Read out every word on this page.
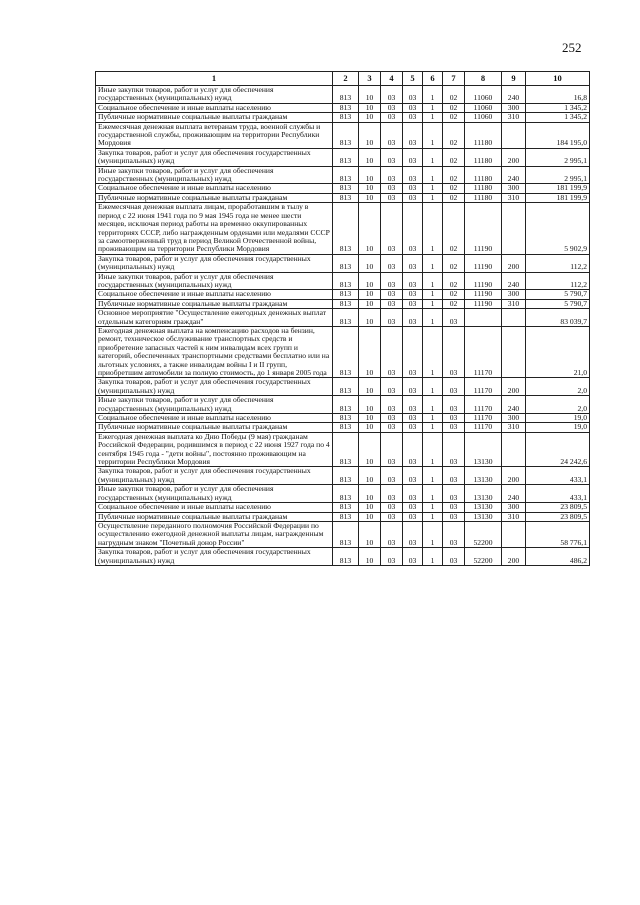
252
1	2	3	4	5	6	7	8	9	10
Иные закупки товаров, работ и услуг для обеспечения государственных (муниципальных) нужд	813	10	03	03	1	02	11060	240	16,8
Социальное обеспечение и иные выплаты населению	813	10	03	03	1	02	11060	300	1 345,2
Публичные нормативные социальные выплаты гражданам	813	10	03	03	1	02	11060	310	1 345,2
Ежемесячная денежная выплата ветеранам труда, военной службы и государственной службы, проживающим на территории Республики Мордовия	813	10	03	03	1	02	11180		184 195,0
Закупка товаров, работ и услуг для обеспечения государственных (муниципальных) нужд	813	10	03	03	1	02	11180	200	2 995,1
Иные закупки товаров, работ и услуг для обеспечения государственных (муниципальных) нужд	813	10	03	03	1	02	11180	240	2 995,1
Социальное обеспечение и иные выплаты населению	813	10	03	03	1	02	11180	300	181 199,9
Публичные нормативные социальные выплаты гражданам	813	10	03	03	1	02	11180	310	181 199,9
Ежемесячная денежная выплата лицам, проработавшим в тылу в период с 22 июня 1941 года по 9 мая 1945 года не менее шести месяцев, исключая период работы на временно оккупированных территориях СССР, либо награжденным орденами или медалями СССР за самоотверженный труд в период Великой Отечественной войны, проживающим на территории Республики Мордовия	813	10	03	03	1	02	11190		5 902,9
Закупка товаров, работ и услуг для обеспечения государственных (муниципальных) нужд	813	10	03	03	1	02	11190	200	112,2
Иные закупки товаров, работ и услуг для обеспечения государственных (муниципальных) нужд	813	10	03	03	1	02	11190	240	112,2
Социальное обеспечение и иные выплаты населению	813	10	03	03	1	02	11190	300	5 790,7
Публичные нормативные социальные выплаты гражданам	813	10	03	03	1	02	11190	310	5 790,7
Основное мероприятие "Осуществление ежегодных денежных выплат отдельным категориям граждан"	813	10	03	03	1	03			83 039,7
Ежегодная денежная выплата на компенсацию расходов на бензин, ремонт, техническое обслуживание транспортных средств и приобретение запасных частей к ним инвалидам всех групп и категорий, обеспеченных транспортными средствами бесплатно или на льготных условиях, а также инвалидам войны I и II групп, приобретшим автомобили за полную стоимость, до 1 января 2005 года	813	10	03	03	1	03	11170		21,0
Закупка товаров, работ и услуг для обеспечения государственных (муниципальных) нужд	813	10	03	03	1	03	11170	200	2,0
Иные закупки товаров, работ и услуг для обеспечения государственных (муниципальных) нужд	813	10	03	03	1	03	11170	240	2,0
Социальное обеспечение и иные выплаты населению	813	10	03	03	1	03	11170	300	19,0
Публичные нормативные социальные выплаты гражданам	813	10	03	03	1	03	11170	310	19,0
Ежегодная денежная выплата ко Дню Победы (9 мая) гражданам Российской Федерации, родившимся в период с 22 июня 1927 года по 4 сентября 1945 года - "дети войны", постоянно проживающим на территории Республики Мордовия	813	10	03	03	1	03	13130		24 242,6
Закупка товаров, работ и услуг для обеспечения государственных (муниципальных) нужд	813	10	03	03	1	03	13130	200	433,1
Иные закупки товаров, работ и услуг для обеспечения государственных (муниципальных) нужд	813	10	03	03	1	03	13130	240	433,1
Социальное обеспечение и иные выплаты населению	813	10	03	03	1	03	13130	300	23 809,5
Публичные нормативные социальные выплаты гражданам	813	10	03	03	1	03	13130	310	23 809,5
Осуществление переданного полномочия Российской Федерации по осуществлению ежегодной денежной выплаты лицам, награжденным нагрудным знаком "Почетный донор России"	813	10	03	03	1	03	52200		58 776,1
Закупка товаров, работ и услуг для обеспечения государственных (муниципальных) нужд	813	10	03	03	1	03	52200	200	486,2
